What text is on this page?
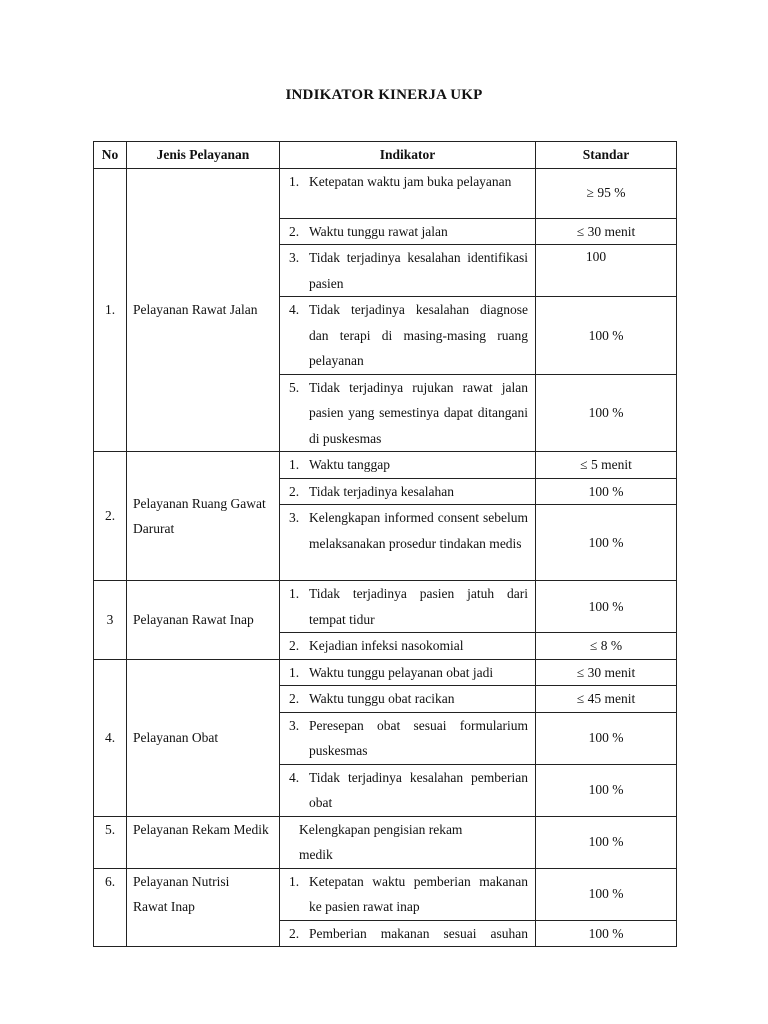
INDIKATOR KINERJA UKP
No	Jenis Pelayanan	Indikator	Standar
1.	Pelayanan Rawat Jalan	1. Ketepatan waktu jam buka pelayanan	≥ 95 %

		2. Waktu tunggu rawat jalan	≤ 30 menit

		3. Tidak terjadinya kesalahan identifikasi pasien	100

		4. Tidak terjadinya kesalahan diagnose dan terapi di masing-masing ruang pelayanan	100 %

		5. Tidak terjadinya rujukan rawat jalan pasien yang semestinya dapat ditangani di puskesmas	100 %
2.	Pelayanan Ruang Gawat Darurat	1. Waktu tanggap	≤ 5 menit

		2. Tidak terjadinya kesalahan	100 %

		3. Kelengkapan informed consent sebelum melaksanakan prosedur tindakan medis	100 %
3	Pelayanan Rawat Inap	1. Tidak terjadinya pasien jatuh dari tempat tidur	100 %

		2. Kejadian infeksi nasokomial	≤ 8 %
4.	Pelayanan Obat	1. Waktu tunggu pelayanan obat jadi	≤ 30 menit

		2. Waktu tunggu obat racikan	≤ 45 menit

		3. Peresepan obat sesuai formularium puskesmas	100 %

		4. Tidak terjadinya kesalahan pemberian obat	100 %
5.	Pelayanan Rekam Medik	Kelengkapan pengisian rekam medik	100 %
6.	Pelayanan Nutrisi Rawat Inap	1. Ketepatan waktu pemberian makanan ke pasien rawat inap	100 %

		2. Pemberian makanan sesuai asuhan	100 %
